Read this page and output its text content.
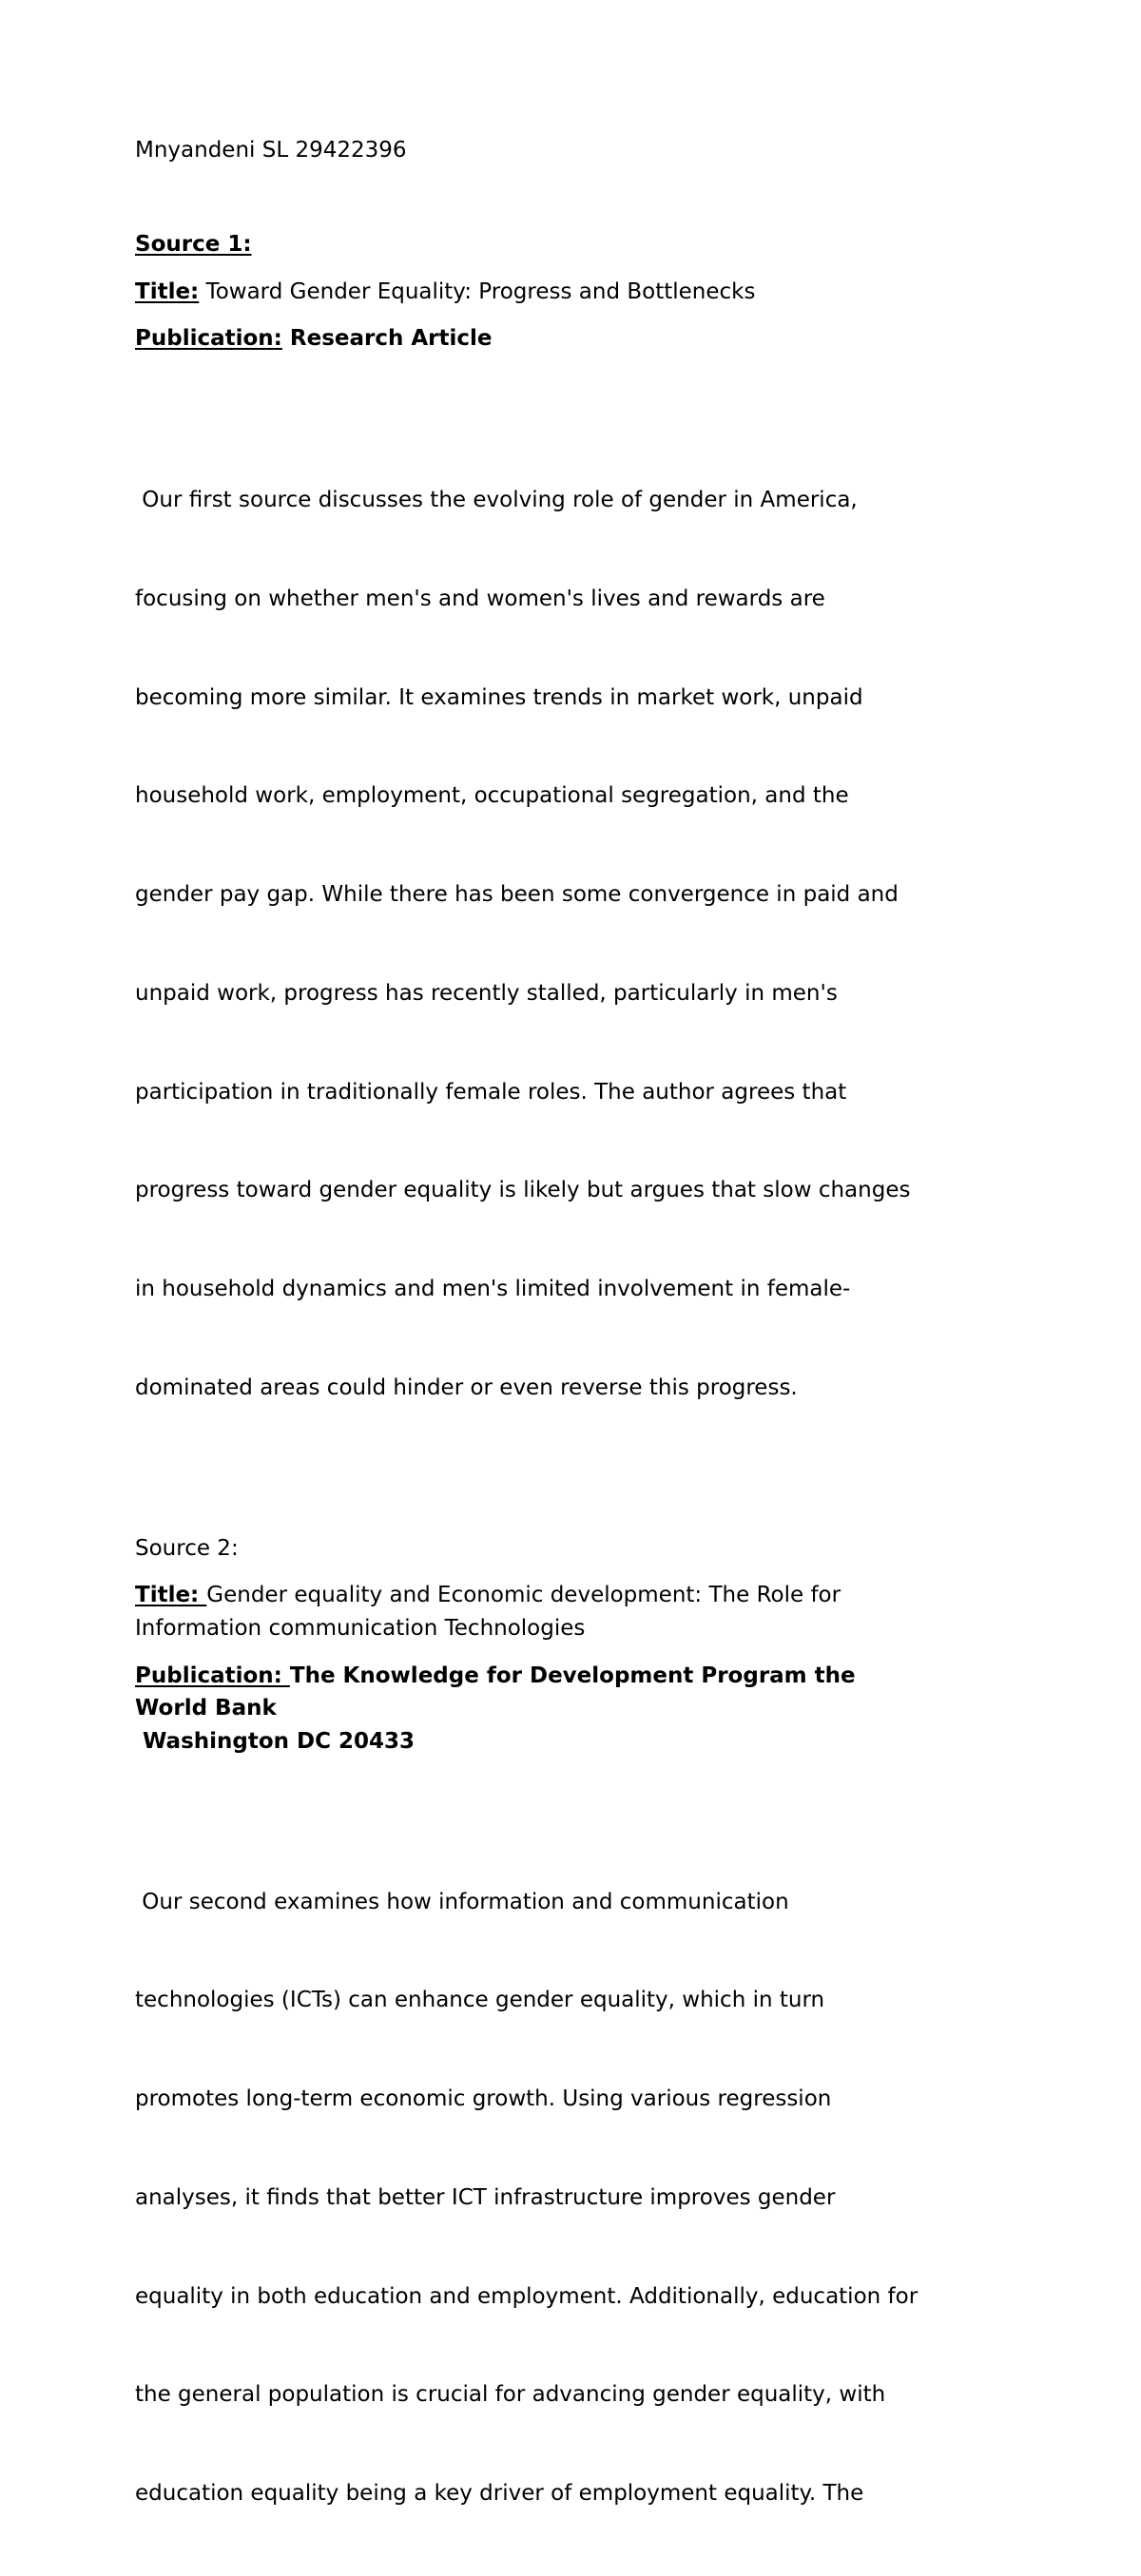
Mnyandeni SL 29422396

Source 1:

Title: Toward Gender Equality: Progress and Bottlenecks

Publication: Research Article

Our first source discusses the evolving role of gender in America,

focusing on whether men's and women's lives and rewards are

becoming more similar. It examines trends in market work, unpaid

household work, employment, occupational segregation, and the

gender pay gap. While there has been some convergence in paid and

unpaid work, progress has recently stalled, particularly in men's

participation in traditionally female roles. The author agrees that

progress toward gender equality is likely but argues that slow changes

in household dynamics and men's limited involvement in female-

dominated areas could hinder or even reverse this progress.

Source 2:

Title: Gender equality and Economic development: The Role for
Information communication Technologies
Publication: The Knowledge for Development Program the
World Bank
Washington DC 20433

Our second examines how information and communication

technologies (ICTs) can enhance gender equality, which in turn

promotes long-term economic growth. Using various regression

analyses, it finds that better ICT infrastructure improves gender

equality in both education and employment. Additionally, education for

the general population is crucial for advancing gender equality, with

education equality being a key driver of employment equality. The
